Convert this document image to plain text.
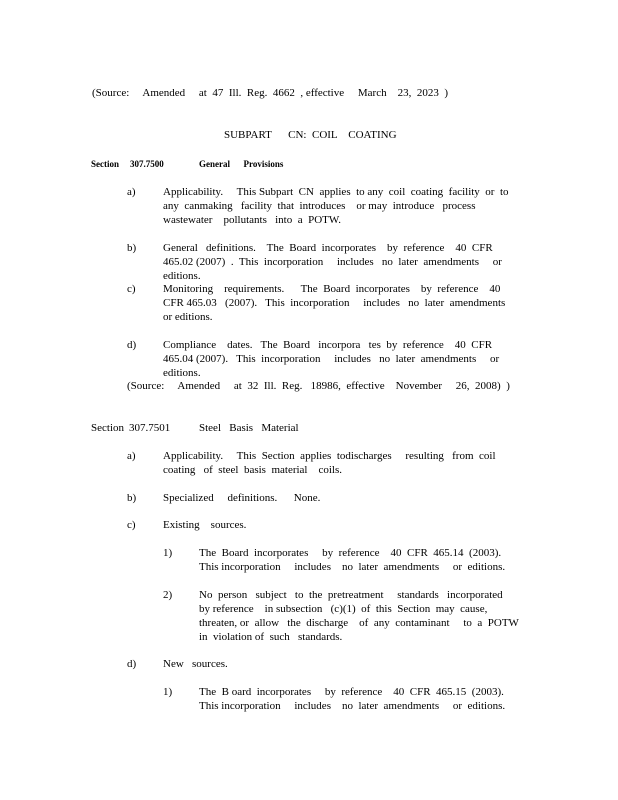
(Source:     Amended     at  47  Ill.  Reg.  4662  , effective     March    23,  2023  )
SUBPART      CN:  COIL    COATING
Section 307.7500	General      Provisions
a) Applicability.     This Subpart  CN  applies  to any  coil  coating  facility  or  to any  canmaking   facility  that  introduces    or may  introduce   process wastewater    pollutants   into  a  POTW.
b) General   definitions.    The  Board  incorporates    by  reference    40  CFR  465.02 (2007)  .  This  incorporation     includes   no  later  amendments     or  editions.
c) Monitoring    requirements.      The  Board  incorporates    by  reference    40  CFR 465.03   (2007).   This  incorporation     includes   no  later  amendments     or editions.
d) Compliance    dates.   The  Board   incorpora   tes  by  reference    40  CFR  465.04 (2007).   This  incorporation     includes   no  later  amendments     or  editions.
(Source:     Amended     at  32  Ill.  Reg.   18986,  effective    November     26,  2008)  )
Section 307.7501	Steel   Basis   Material
a) Applicability.     This  Section  applies  todischarges     resulting   from  coil coating   of  steel  basis  material    coils.
b) Specialized     definitions.      None.
c) Existing    sources.
1) The  Board  incorporates     by  reference    40  CFR  465.14  (2003).    This incorporation     includes    no  later  amendments     or  editions.
2) No  person   subject   to  the  pretreatment     standards   incorporated     by reference    in subsection   (c)(1)  of  this  Section  may  cause,   threaten, or  allow   the  discharge    of  any  contaminant     to  a  POTW    in  violation of  such   standards.
d) New   sources.
1) The  B oard  incorporates     by  reference    40  CFR  465.15  (2003).    This incorporation     includes    no  later  amendments     or  editions.
